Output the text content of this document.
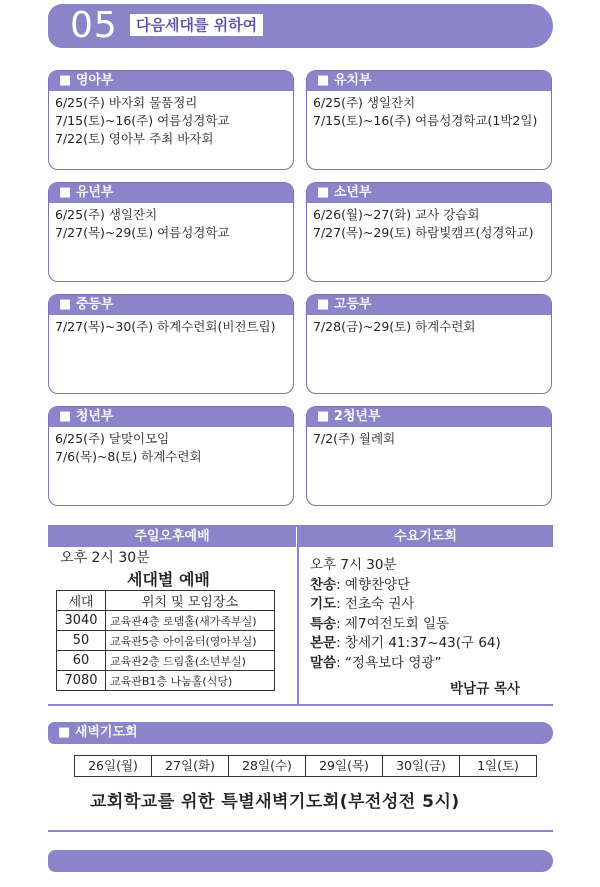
05	다음세대를 위하여
■ 영아부
6/25(주) 바자회 물품정리
7/15(토)~16(주) 여름성경학교
7/22(토) 영아부 주최 바자회
■ 유치부
6/25(주) 생일잔치
7/15(토)~16(주) 여름성경학교(1박2일)
■ 유년부
6/25(주) 생일잔치
7/27(목)~29(토) 여름성경학교
■ 소년부
6/26(월)~27(화) 교사 강습회
7/27(목)~29(토) 하람빛캠프(성경학교)
■ 중등부
7/27(목)~30(주) 하계수련회(비전트립)
■ 고등부
7/28(금)~29(토) 하계수련회
■ 청년부
6/25(주) 달맞이모임
7/6(목)~8(토) 하계수련회
■ 2청년부
7/2(주) 월례회
주일오후예배	수요기도회
오후 2시 30분
세대별 예배
세대	위치 및 모임장소
3040	교육관4층 로뎀홀(새가족부실)
50	교육관5층 아이움터(영아부실)
60	교육관2층 드림홀(소년부실)
7080	교육관B1층 나눔홀(식당)
오후 7시 30분
찬송: 예향찬양단
기도: 전초숙 권사
특송: 제7여전도회 일동
본문: 창세기 41:37~43(구 64)
말씀: “정욕보다 영광”
박남규 목사
■ 새벽기도회
26일(월)	27일(화)	28일(수)	29일(목)	30일(금)	1일(토)
교회학교를 위한 특별새벽기도회(부전성전 5시)
